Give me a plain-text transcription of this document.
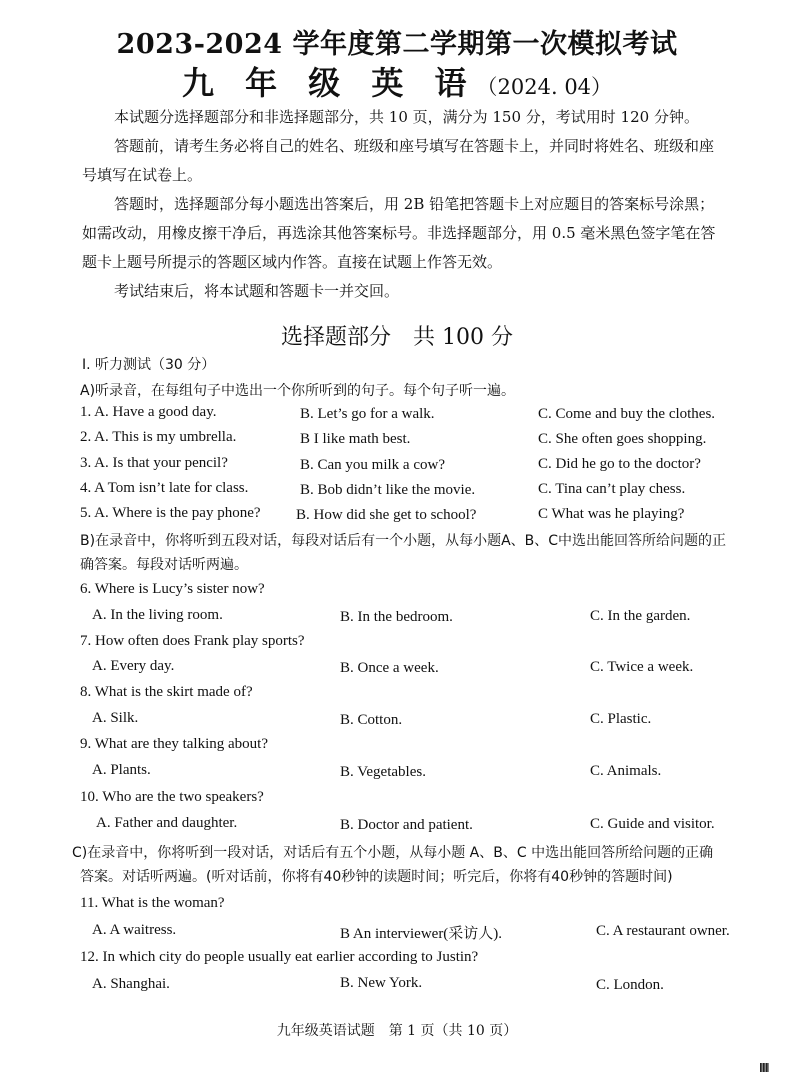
2023-2024 学年度第二学期第一次模拟考试
九 年 级 英 语（2024. 04）
本试题分选择题部分和非选择题部分，共 10 页，满分为 150 分，考试用时 120 分钟。
答题前，请考生务必将自己的姓名、班级和座号填写在答题卡上，并同时将姓名、班级和座
号填写在试卷上。
答题时，选择题部分每小题选出答案后，用 2B 铅笔把答题卡上对应题目的答案标号涂黑；
如需改动，用橡皮擦干净后，再选涂其他答案标号。非选择题部分，用 0.5 毫米黑色签字笔在答
题卡上题号所提示的答题区域内作答。直接在试题上作答无效。
考试结束后，将本试题和答题卡一并交回。
选择题部分　共 100 分
I. 听力测试（30 分）
A)听录音，在每组句子中选出一个你所听到的句子。每个句子听一遍。
1. A. Have a good day.	B. Let’s go for a walk.	C. Come and buy the clothes.
2. A. This is my umbrella.	B I like math best.	C. She often goes shopping.
3. A. Is that your pencil?	B. Can you milk a cow?	C. Did he go to the doctor?
4. A Tom isn’t late for class.	B. Bob didn’t like the movie.	C. Tina can’t play chess.
5. A. Where is the pay phone? B. How did she get to school?	C What was he playing?
B)在录音中，你将听到五段对话，每段对话后有一个小题，从每小题A、B、C中选出能回答所给问题的正
确答案。每段对话听两遍。
6. Where is Lucy’s sister now?
A. In the living room.	B. In the bedroom.	C. In the garden.
7. How often does Frank play sports?
A. Every day.	B. Once a week.	C. Twice a week.
8. What is the skirt made of?
A. Silk.	B. Cotton.	C. Plastic.
9. What are they talking about?
A. Plants.	B. Vegetables.	C. Animals.
10. Who are the two speakers?
A. Father and daughter.	B. Doctor and patient.	C. Guide and visitor.
C)在录音中，你将听到一段对话，对话后有五个小题，从每小题 A、B、C 中选出能回答所给问题的正确
答案。对话听两遍。(听对话前，你将有40秒钟的读题时间；听完后，你将有40秒钟的答题时间)
11. What is the woman?
A. A waitress.	B An interviewer(采访人).	C. A restaurant owner.
12. In which city do people usually eat earlier according to Justin?
A. Shanghai.	B. New York.	C. London.
九年级英语试题　第 1 页（共 10 页）
